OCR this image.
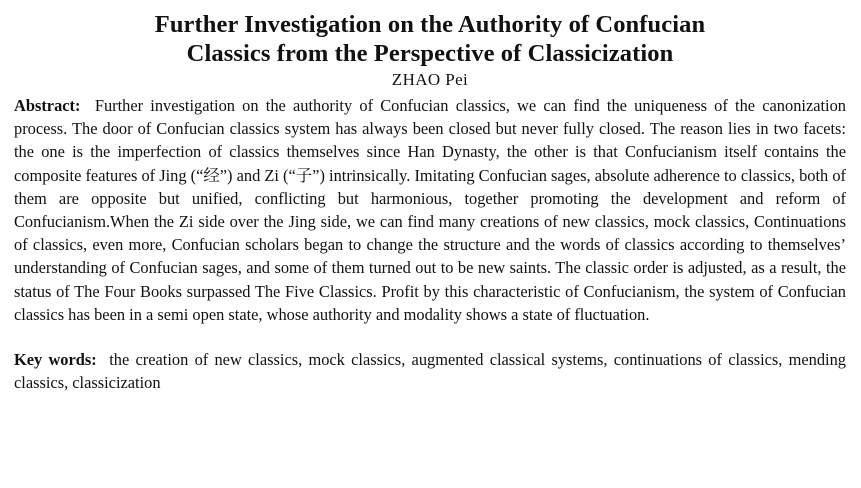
Further Investigation on the Authority of Confucian
Classics from the Perspective of Classicization

ZHAO Pei

Abstract: Further investigation on the authority of Confucian classics, we can find the uniqueness of the canonization process. The door of Confucian classics system has always been closed but never fully closed. The reason lies in two facets: the one is the imperfection of classics themselves since Han Dynasty, the other is that Confucianism itself contains the composite features of Jing (“经”) and Zi (“子”) intrinsically. Imitating Confucian sages, absolute adherence to classics, both of them are opposite but unified, conflicting but harmonious, together promoting the development and reform of Confucianism.When the Zi side over the Jing side, we can find many creations of new classics, mock classics, Continuations of classics, even more, Confucian scholars began to change the structure and the words of classics according to themselves’ understanding of Confucian sages, and some of them turned out to be new saints. The classic order is adjusted, as a result, the status of The Four Books surpassed The Five Classics. Profit by this characteristic of Confucianism, the system of Confucian classics has been in a semi open state, whose authority and modality shows a state of fluctuation.

Key words: the creation of new classics, mock classics, augmented classical systems, continuations of classics, mending classics, classicization
